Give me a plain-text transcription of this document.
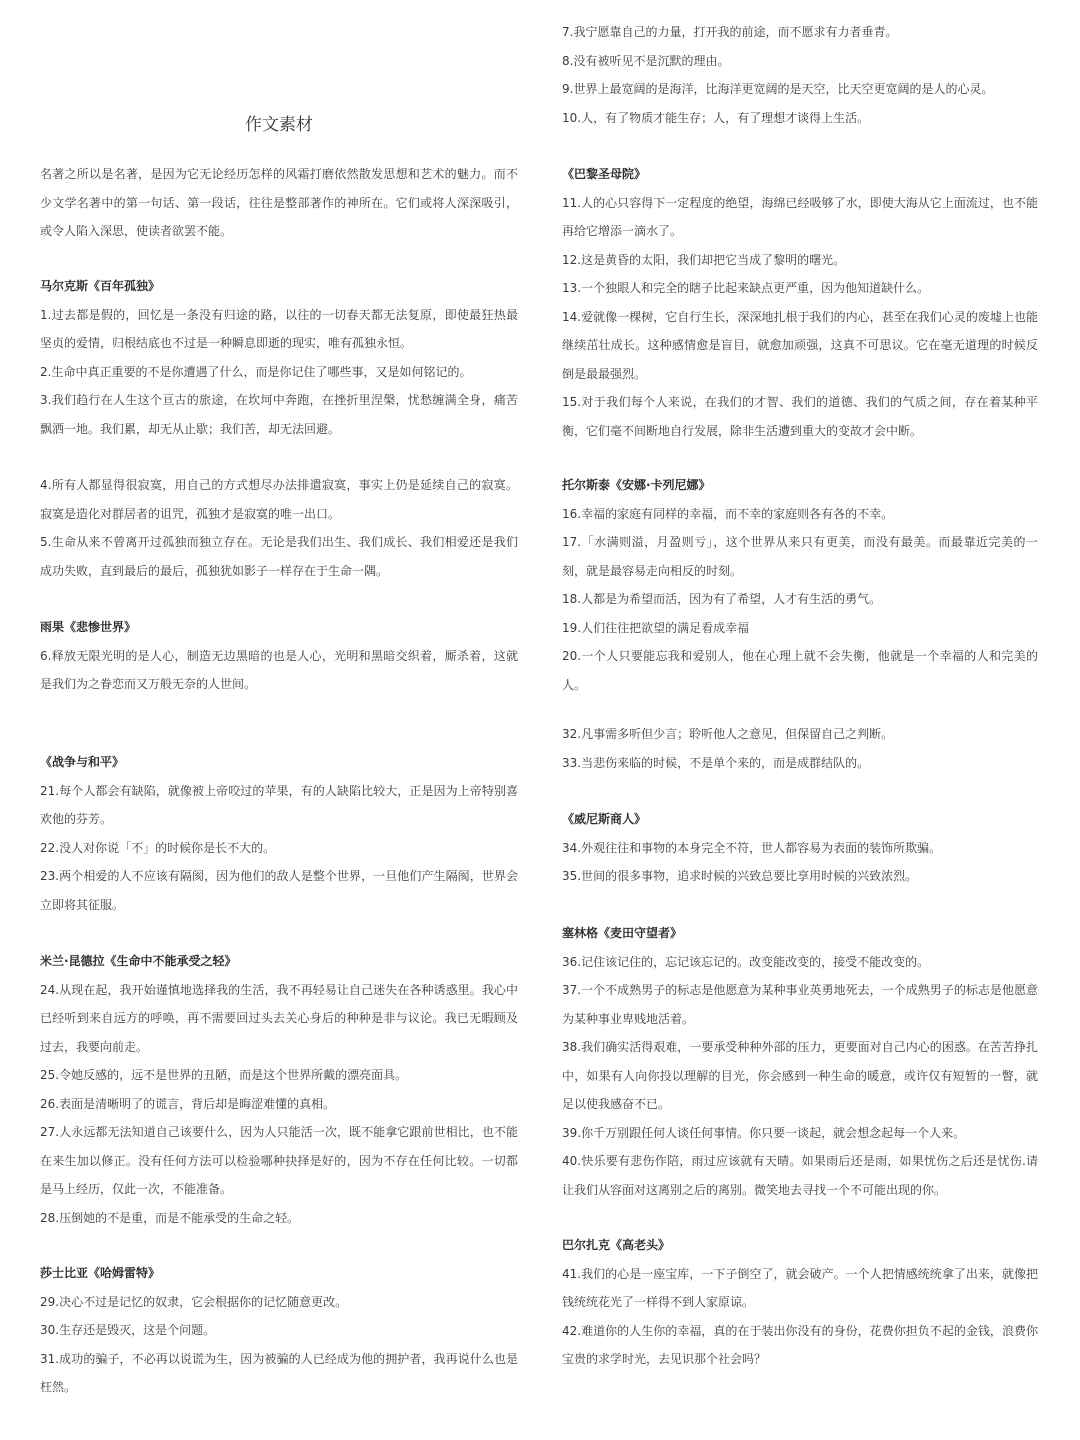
作文素材

名著之所以是名著，是因为它无论经历怎样的风霜打磨依然散发思想和艺术的魅力。而不少文学名著中的第一句话、第一段话，往往是整部著作的神所在。它们或将人深深吸引，或令人陷入深思，使读者欲罢不能。

马尔克斯《百年孤独》

1.过去都是假的，回忆是一条没有归途的路，以往的一切春天都无法复原，即使最狂热最坚贞的爱情，归根结底也不过是一种瞬息即逝的现实，唯有孤独永恒。

2.生命中真正重要的不是你遭遇了什么，而是你记住了哪些事，又是如何铭记的。

3.我们趋行在人生这个亘古的旅途，在坎坷中奔跑，在挫折里涅槃，忧愁缠满全身，痛苦飘洒一地。我们累，却无从止歇；我们苦，却无法回避。

4.所有人都显得很寂寞，用自己的方式想尽办法排遣寂寞，事实上仍是延续自己的寂寞。寂寞是造化对群居者的诅咒，孤独才是寂寞的唯一出口。

5.生命从来不曾离开过孤独而独立存在。无论是我们出生、我们成长、我们相爱还是我们成功失败，直到最后的最后，孤独犹如影子一样存在于生命一隅。

雨果《悲惨世界》

6.释放无限光明的是人心，制造无边黑暗的也是人心，光明和黑暗交织着，厮杀着，这就是我们为之眷恋而又万般无奈的人世间。

《战争与和平》

21.每个人都会有缺陷，就像被上帝咬过的苹果，有的人缺陷比较大，正是因为上帝特别喜欢他的芬芳。

22.没人对你说「不」的时候你是长不大的。

23.两个相爱的人不应该有隔阂，因为他们的敌人是整个世界，一旦他们产生隔阂，世界会立即将其征服。

米兰·昆德拉《生命中不能承受之轻》

24.从现在起，我开始谨慎地选择我的生活，我不再轻易让自己迷失在各种诱惑里。我心中已经听到来自远方的呼唤，再不需要回过头去关心身后的种种是非与议论。我已无暇顾及过去，我要向前走。

25.令她反感的，远不是世界的丑陋，而是这个世界所戴的漂亮面具。

26.表面是清晰明了的谎言，背后却是晦涩难懂的真相。

27.人永远都无法知道自己该要什么，因为人只能活一次，既不能拿它跟前世相比，也不能在来生加以修正。没有任何方法可以检验哪种抉择是好的，因为不存在任何比较。一切都是马上经历，仅此一次，不能准备。

28.压倒她的不是重，而是不能承受的生命之轻。

莎士比亚《哈姆雷特》

29.决心不过是记忆的奴隶，它会根据你的记忆随意更改。

30.生存还是毁灭，这是个问题。

31.成功的骗子，不必再以说谎为生，因为被骗的人已经成为他的拥护者，我再说什么也是枉然。

7.我宁愿靠自己的力量，打开我的前途，而不愿求有力者垂青。

8.没有被听见不是沉默的理由。

9.世界上最宽阔的是海洋，比海洋更宽阔的是天空，比天空更宽阔的是人的心灵。

10.人，有了物质才能生存；人，有了理想才谈得上生活。

《巴黎圣母院》

11.人的心只容得下一定程度的绝望，海绵已经吸够了水，即使大海从它上面流过，也不能再给它增添一滴水了。

12.这是黄昏的太阳，我们却把它当成了黎明的曙光。

13.一个独眼人和完全的瞎子比起来缺点更严重，因为他知道缺什么。

14.爱就像一棵树，它自行生长，深深地扎根于我们的内心，甚至在我们心灵的废墟上也能继续茁壮成长。这种感情愈是盲目，就愈加顽强，这真不可思议。它在毫无道理的时候反倒是最最强烈。

15.对于我们每个人来说，在我们的才智、我们的道德、我们的气质之间，存在着某种平衡，它们毫不间断地自行发展，除非生活遭到重大的变故才会中断。

托尔斯泰《安娜·卡列尼娜》

16.幸福的家庭有同样的幸福，而不幸的家庭则各有各的不幸。

17.「水满则溢，月盈则亏」，这个世界从来只有更美，而没有最美。而最靠近完美的一刻，就是最容易走向相反的时刻。

18.人都是为希望而活，因为有了希望，人才有生活的勇气。

19.人们往往把欲望的满足看成幸福

20.一个人只要能忘我和爱别人，他在心理上就不会失衡，他就是一个幸福的人和完美的人。

32.凡事需多听但少言；聆听他人之意见，但保留自己之判断。

33.当悲伤来临的时候，不是单个来的，而是成群结队的。

《威尼斯商人》

34.外观往往和事物的本身完全不符，世人都容易为表面的装饰所欺骗。

35.世间的很多事物，追求时候的兴致总要比享用时候的兴致浓烈。

塞林格《麦田守望者》

36.记住该记住的，忘记该忘记的。改变能改变的，接受不能改变的。

37.一个不成熟男子的标志是他愿意为某种事业英勇地死去，一个成熟男子的标志是他愿意为某种事业卑贱地活着。

38.我们确实活得艰难，一要承受种种外部的压力，更要面对自己内心的困惑。在苦苦挣扎中，如果有人向你投以理解的目光，你会感到一种生命的暖意，或许仅有短暂的一瞥，就足以使我感奋不已。

39.你千万别跟任何人谈任何事情。你只要一谈起，就会想念起每一个人来。

40.快乐要有悲伤作陪，雨过应该就有天晴。如果雨后还是雨，如果忧伤之后还是忧伤.请让我们从容面对这离别之后的离别。微笑地去寻找一个不可能出现的你。

巴尔扎克《高老头》

41.我们的心是一座宝库，一下子倒空了，就会破产。一个人把情感统统拿了出来，就像把钱统统花光了一样得不到人家原谅。

42.难道你的人生你的幸福，真的在于装出你没有的身份，花费你担负不起的金钱，浪费你宝贵的求学时光，去见识那个社会吗？
